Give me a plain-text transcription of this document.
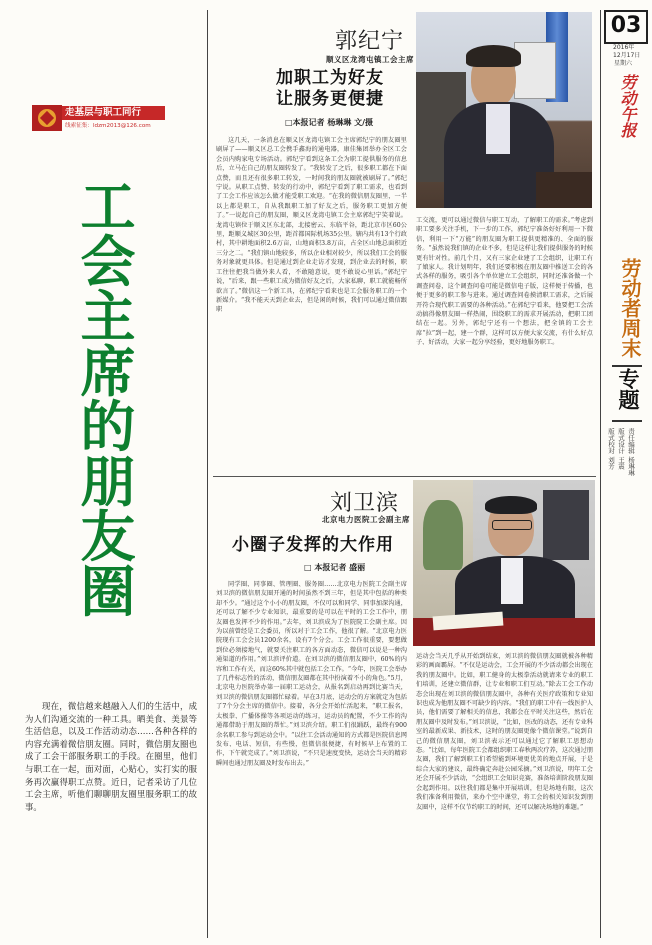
走基层与职工同行
线索征集：ldzm2013@126.com
工会主席的朋友圈
现在，微信越来越融入人们的生活中，成为人们沟通交流的一种工具。晒美食、美景等生活信息，以及工作活动动态……各种各样的内容充满着微信朋友圈。同时，微信朋友圈也成了工会干部服务职工的手段。在圈里，他们与职工在一起，面对面，心贴心，实打实的服务再次赢得职工点赞。近日，记者采访了几位工会主席，听他们聊聊朋友圈里服务职工的故事。
郭纪宁
顺义区龙湾屯镇工会主席
加职工为好友
让服务更便捷
□本报记者 杨琳琳 文/摄
这几天，一条消息在顺义区龙湾屯镇工会主席郭纪宁的朋友圈里刷屏了——顺义区总工会携手鑫海的通电器，康佳集团举办全区工会会员内购家电专场活动。郭纪宁看到这条工会为职工提供服务的信息后，立马在自己的朋友圈转发了。“我转发了之后，很多职工都在下面点赞，而且还有很多职工转发，一时间我的朋友圈就被刷屏了。”郭纪宁说。从职工点赞、转发的行动中，郭纪宁看到了职工需求，也看到了工会工作应该怎么做才能受职工欢迎。“在我的微信朋友圈里，一半以上都是职工，自从我跟职工加了好友之后，服务职工更加方便了。”一说起自己的朋友圈，顺义区龙湾屯镇工会主席郭纪宁笑着说。龙湾屯镇位于顺义区东北部，北接密云、东临平谷，距北京市区60公里，距顺义城区30公里，距首都国际机场35公里。辖内共有13个行政村，其中耕地面积2.6万亩，山地面积3.8万亩，占全区山地总面积近三分之二。“我们镇山地较多，所以企业相对较少，所以我们工会的服务对象就更具体。但是通过到企业走访才发现，到企业去的时候，职工往往把我当做外来人看，不敢随意说，更不敢说心里话。”郭纪宁说，“后来，跟一些职工成为微信好友之后，大家私聊，职工就能畅所欲言了。”微信这一个新工具，在郭纪宁看来也是工会服务职工的一个新媒介。“我不能天天到企业去，但是闲的时候，我们可以通过微信跟职
工交流，更可以通过微信与职工互动，了解职工的需求。”考虑到职工要多关注手机，下一步的工作，郭纪宁准备好好利用一下微信，利用一下“万能”的朋友圈为职工提供更精准的、全面的服务。“虽然说我们镇的企业不多，但是这样让我们提供服务的时候更有针对性。前几个月，又有三家企业建了工会组织，让职工有了娘家人。我计划明年，我们还要积极在朋友圈中推送工会的各式各样的服务，吸引各个单位建立工会组织，同时还准备做一个调查问卷，这个调查问卷可能是微信电子版，这样便于传播，也便于更多的职工参与进来。通过调查问卷摸清职工需求，之后展开符合现代职工需要的各种活动。”在郭纪宁看来，他要把工会活动搞得像朋友圈一样热闹，围绕职工的需求开展活动，把职工团结在一起。另外，郭纪宁还有一个想法，把全镇的工会主席“拉”到一起，建一个群，这样可以方便大家交流，有什么好点子、好活动，大家一起分享经验，更好地服务职工。
刘卫滨
北京电力医院工会副主席
小圈子发挥的大作用
□ 本报记者 盛丽
同学圈、同事圈、管理圈、服务圈……北京电力医院工会副主席刘卫滨的微信朋友圈开通的时间虽然不到三年，但是其中包括的种类却不少。“通过这个小小的朋友圈，不仅可以和同学、同事加深沟通，还可以了解不少专业知识，最重要的是可以在平时的工会工作中，朋友圈也发挥不少的作用。”去年，刘卫滨成为了医院院工会副主席。因为以前曾经是工会委员，所以对于工会工作，他很了解。“北京电力医院现有工会会员1200余名，设有7个分会。工会工作很重要，要想做到位必须接地气，就要关注职工的各方面动态，微信可以说是一种沟通渠道的作用。”刘卫滨评价道。在刘卫滨的微信朋友圈中，60%的内容和工作有关，而这60%其中就包括工会工作。“今年，医院工会举办了几件标志性的活动，微信朋友圈都在其中扮演着不小的角色。”5月，北京电力医院举办第一届职工运动会，从报名到启动再到比赛当天，刘卫滨的微信朋友圈都忙碌着。早在3月底，运动会的方案就定为包括了7个分会主席的微信中。接着，各分会开始忙活起来，“职工报名，太极拳、广播体操等各项运动的练习，运动员的配置，不少工作的沟通都借助于朋友圈的帮忙。”刘卫滨介绍。职工们很踊跃，最终有900余名职工参与到运动会中。“以往工会活动通知的方式都是医院信息网发布、电话、短信，有些慢，但微信很便捷，有时候早上布置的工作，下午就完成了。”刘卫滨说，“不只是速度变快，运动会当天的精彩瞬间也通过朋友圈及时发布出去。”
运动会当天几乎从开始到结束，刘卫滨的微信朋友圈就被各种精彩的画面霸屏。“不仅是运动会，工会开展的不少活动都会出现在我的朋友圈中。比如，职工健身的太极拳活动就请来专业的职工们培训，还建立微信群，让专业和职工们互动。”除去工会工作动态会出现在刘卫滨的微信朋友圈中，各种有关医疗政策和专业知识也成为他朋友圈不可缺少的内容。“我们的职工中有一线医护人员，他们需要了解相关的信息，我都会在平时关注这些，然后在朋友圈中及时发布。”刘卫滨说，“比如，医改的动态，还有专业科室的最新成果、新技术，这时的朋友圈更像个微信课堂。”说到自己的微信朋友圈，刘卫滨表示还可以通过它了解职工思想动态。“比如，每年医院工会都组织职工春秋两次疗养，这次通过朋友圈，我们了解到职工们希望能到环境更优美的地点开展，于是综合大家的建议，最终确定奔赴公园采摘。”刘卫滨说，明年工会还会开展不少活动，“会组织工会知识竞赛，准备培训阶段朋友圈会起到作用。以往我们都是集中开展培训，但是场地有限，这次我们准备利用微信，来办个空中课堂，将工会的相关知识发到朋友圈中，这样不仅节约职工的时间，还可以解决场地的难题。”
03
2016年
12月17日
星期六
劳动午报
劳动者周末
专题
责任编辑 杨琳琳
版式设计 王震
版式校对 刘芳
